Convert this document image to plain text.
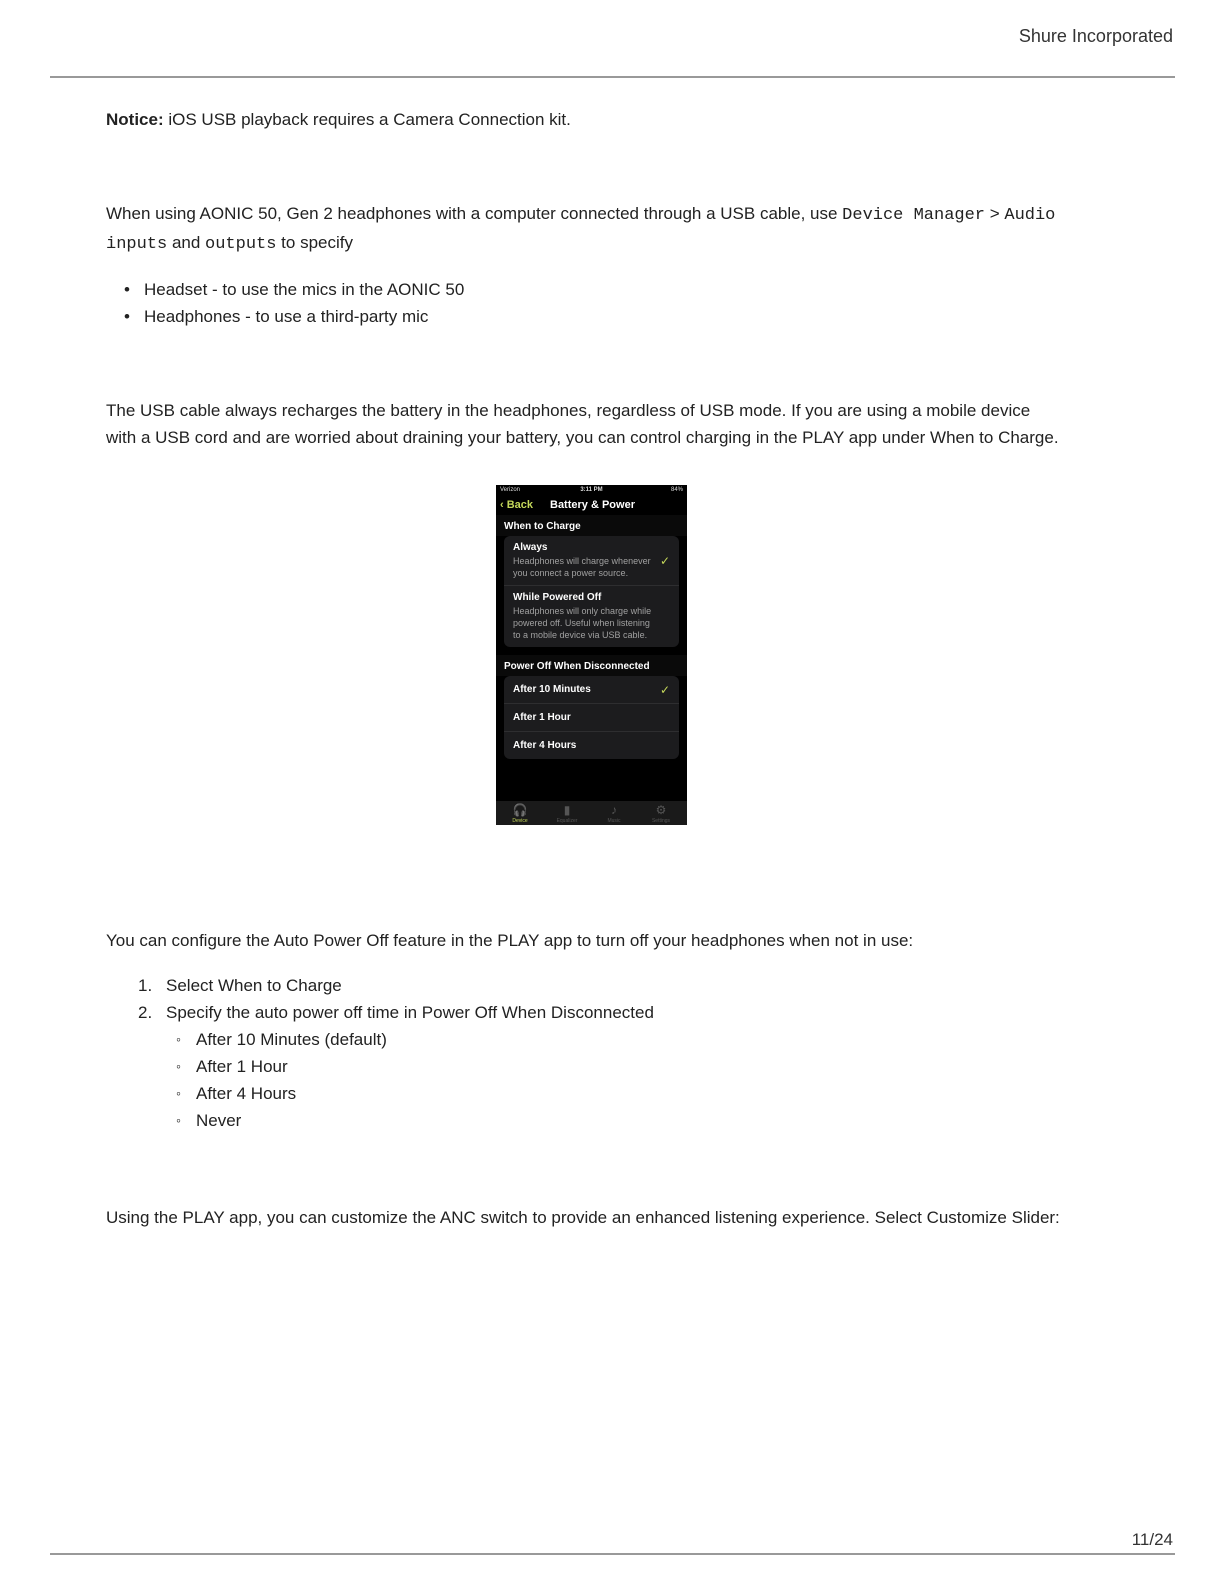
Shure Incorporated
Notice: iOS USB playback requires a Camera Connection kit.
When using AONIC 50, Gen 2 headphones with a computer connected through a USB cable, use Device Manager > Audio
inputs and outputs to specify
• Headset - to use the mics in the AONIC 50
• Headphones - to use a third-party mic
The USB cable always recharges the battery in the headphones, regardless of USB mode. If you are using a mobile device
with a USB cord and are worried about draining your battery, you can control charging in the PLAY app under When to Charge.
Verizon	3:11 PM	84%
‹ Back Battery & Power
When to Charge
Always
Headphones will charge whenever you connect a power source.
✓
While Powered Off
Headphones will only charge while powered off. Useful when listening to a mobile device via USB cable.
Power Off When Disconnected
After 10 Minutes	✓
After 1 Hour
After 4 Hours
🎧
Device
▮
Equalizer
♪
Music
⚙
Settings
You can configure the Auto Power Off feature in the PLAY app to turn off your headphones when not in use:
1. Select When to Charge
2. Specify the auto power off time in Power Off When Disconnected
◦ After 10 Minutes (default)
◦ After 1 Hour
◦ After 4 Hours
◦ Never
Using the PLAY app, you can customize the ANC switch to provide an enhanced listening experience. Select Customize Slider:
11/24
